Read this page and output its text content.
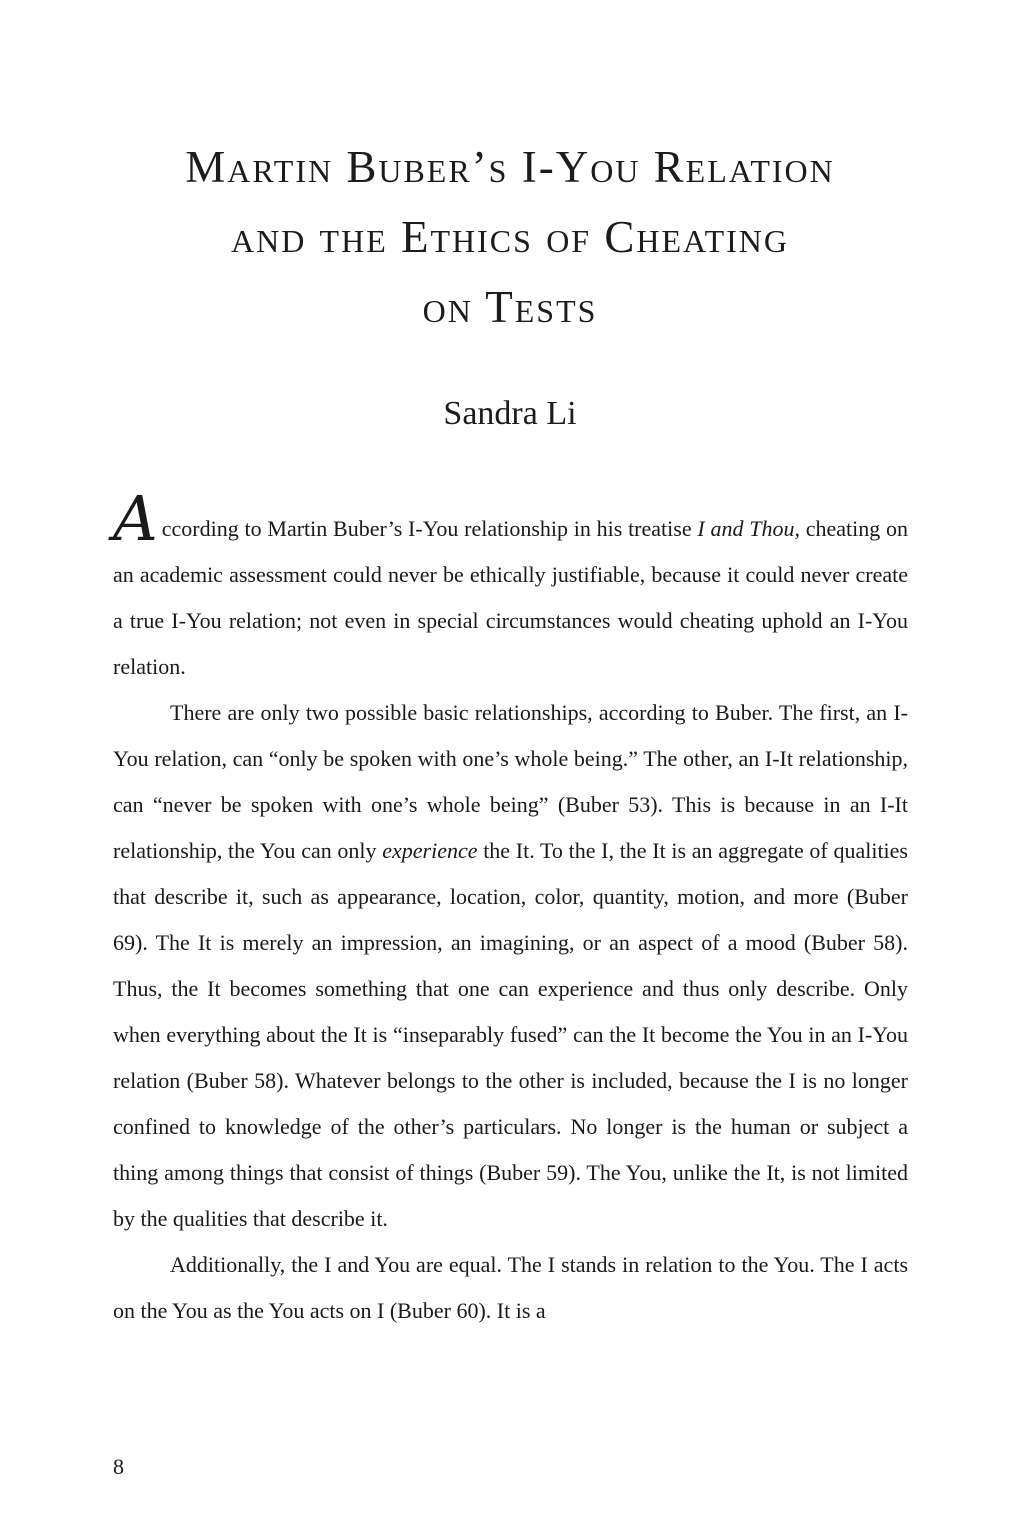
Martin Buber’s I-You Relation
and the Ethics of Cheating
on Tests
Sandra Li

According to Martin Buber’s I-You relationship in his treatise I and Thou, cheating on an academic assessment could never be ethically justifiable, because it could never create a true I-You relation; not even in special circumstances would cheating uphold an I-You relation.

There are only two possible basic relationships, according to Buber. The first, an I-You relation, can “only be spoken with one’s whole being.” The other, an I-It relationship, can “never be spoken with one’s whole being” (Buber 53). This is because in an I-It relationship, the You can only experience the It. To the I, the It is an aggregate of qualities that describe it, such as appearance, location, color, quantity, motion, and more (Buber 69). The It is merely an impression, an imagining, or an aspect of a mood (Buber 58). Thus, the It becomes something that one can experience and thus only describe. Only when everything about the It is “inseparably fused” can the It become the You in an I-You relation (Buber 58). Whatever belongs to the other is included, because the I is no longer confined to knowledge of the other’s particulars. No longer is the human or subject a thing among things that consist of things (Buber 59). The You, unlike the It, is not limited by the qualities that describe it.

Additionally, the I and You are equal. The I stands in relation to the You. The I acts on the You as the You acts on I (Buber 60). It is a

8
